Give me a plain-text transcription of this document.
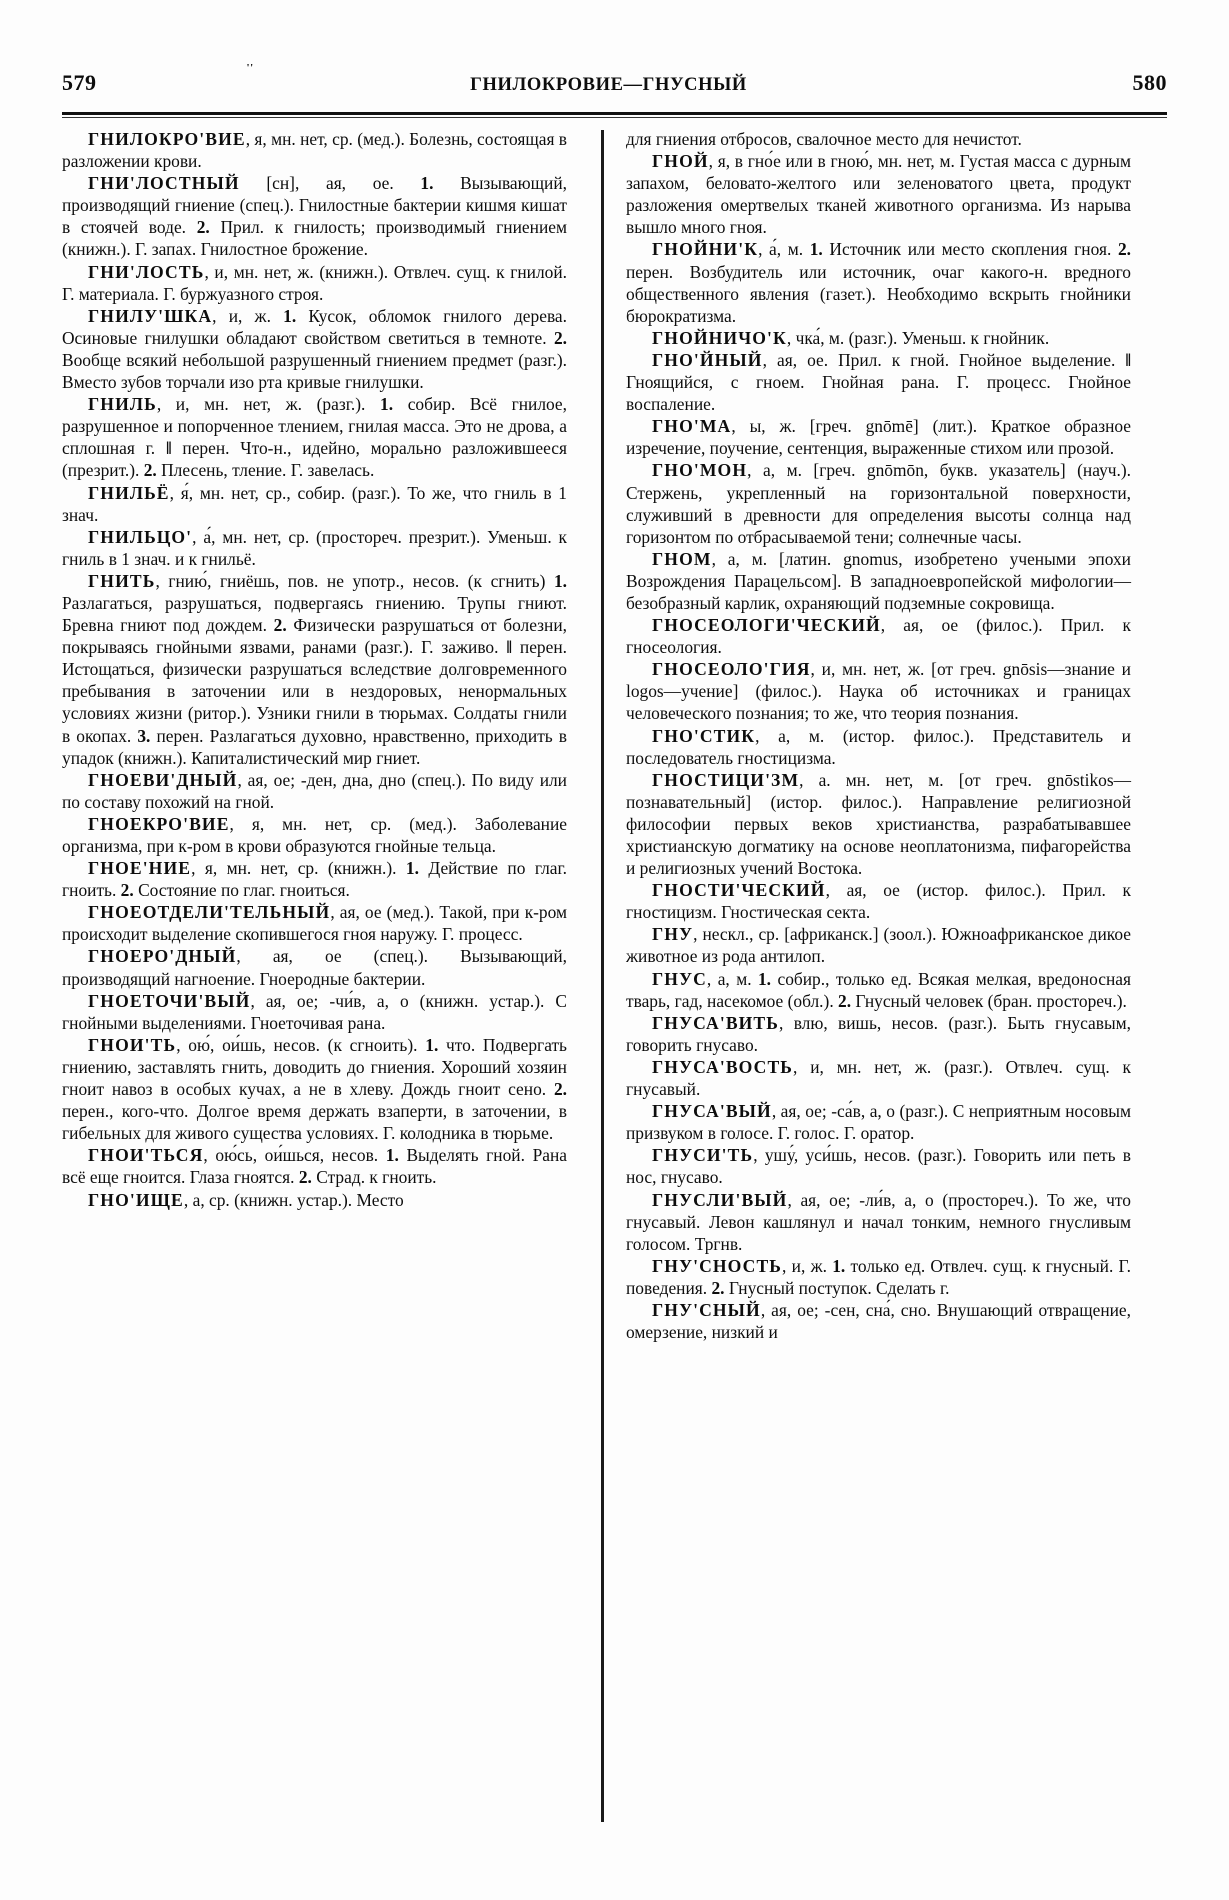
579
''
ГНИЛОКРОВИЕ—ГНУСНЫЙ	580

ГНИЛОКРО'ВИЕ, я, мн. нет, ср. (мед.). Болезнь, состоящая в разложении крови.

ГНИ'ЛОСТНЫЙ [сн], ая, ое. 1. Вызывающий, производящий гниение (спец.). Гнилостные бактерии кишмя кишат в стоячей воде. 2. Прил. к гнилость; производимый гниением (книжн.). Г. запах. Гнилостное брожение.

ГНИ'ЛОСТЬ, и, мн. нет, ж. (книжн.). Отвлеч. сущ. к гнилой. Г. материала. Г. буржуазного строя.

ГНИЛУ'ШКА, и, ж. 1. Кусок, обломок гнилого дерева. Осиновые гнилушки обладают свойством светиться в темноте. 2. Вообще всякий небольшой разрушенный гниением предмет (разг.). Вместо зубов торчали изо рта кривые гнилушки.

ГНИЛЬ, и, мн. нет, ж. (разг.). 1. собир. Всё гнилое, разрушенное и попорченное тлением, гнилая масса. Это не дрова, а сплошная г. ‖ перен. Что-н., идейно, морально разложившееся (презрит.). 2. Плесень, тление. Г. завелась.

ГНИЛЬЁ, я́, мн. нет, ср., собир. (разг.). То же, что гниль в 1 знач.

ГНИЛЬЦО', а́, мн. нет, ср. (простореч. презрит.). Уменьш. к гниль в 1 знач. и к гнильё.

ГНИТЬ, гнию́, гниёшь, пов. не употр., несов. (к сгнить) 1. Разлагаться, разрушаться, подвергаясь гниению. Трупы гниют. Бревна гниют под дождем. 2. Физически разрушаться от болезни, покрываясь гнойными язвами, ранами (разг.). Г. заживо. ‖ перен. Истощаться, физически разрушаться вследствие долговременного пребывания в заточении или в нездоровых, ненормальных условиях жизни (ритор.). Узники гнили в тюрьмах. Солдаты гнили в окопах. 3. перен. Разлагаться духовно, нравственно, приходить в упадок (книжн.). Капиталистический мир гниет.

ГНОЕВИ'ДНЫЙ, ая, ое; -ден, дна, дно (спец.). По виду или по составу похожий на гной.

ГНОЕКРО'ВИЕ, я, мн. нет, ср. (мед.). Заболевание организма, при к-ром в крови образуются гнойные тельца.

ГНОЕ'НИЕ, я, мн. нет, ср. (книжн.). 1. Действие по глаг. гноить. 2. Состояние по глаг. гноиться.

ГНОЕОТДЕЛИ'ТЕЛЬНЫЙ, ая, ое (мед.). Такой, при к-ром происходит выделение скопившегося гноя наружу. Г. процесс.

ГНОЕРО'ДНЫЙ, ая, ое (спец.). Вызывающий, производящий нагноение. Гноеродные бактерии.

ГНОЕТОЧИ'ВЫЙ, ая, ое; -чи́в, а, о (книжн. устар.). С гнойными выделениями. Гноеточивая рана.

ГНОИ'ТЬ, ою́, ои́шь, несов. (к сгноить). 1. что. Подвергать гниению, заставлять гнить, доводить до гниения. Хороший хозяин гноит навоз в особых кучах, а не в хлеву. Дождь гноит сено. 2. перен., кого-что. Долгое время держать взаперти, в заточении, в гибельных для живого существа условиях. Г. колодника в тюрьме.

ГНОИ'ТЬСЯ, ою́сь, ои́шься, несов. 1. Выделять гной. Рана всё еще гноится. Глаза гноятся. 2. Страд. к гноить.

ГНО'ИЩЕ, а, ср. (книжн. устар.). Место

для гниения отбросов, свалочное место для нечистот.

ГНОЙ, я, в гно́е или в гною́, мн. нет, м. Густая масса с дурным запахом, беловато-желтого или зеленоватого цвета, продукт разложения омертвелых тканей животного организма. Из нарыва вышло много гноя.

ГНОЙНИ'К, а́, м. 1. Источник или место скопления гноя. 2. перен. Возбудитель или источник, очаг какого-н. вредного общественного явления (газет.). Необходимо вскрыть гнойники бюрократизма.

ГНОЙНИЧО'К, чка́, м. (разг.). Уменьш. к гнойник.

ГНО'ЙНЫЙ, ая, ое. Прил. к гной. Гнойное выделение. ‖ Гноящийся, с гноем. Гнойная рана. Г. процесс. Гнойное воспаление.

ГНО'МА, ы, ж. [греч. gnōmē] (лит.). Краткое образное изречение, поучение, сентенция, выраженные стихом или прозой.

ГНО'МОН, а, м. [греч. gnōmōn, букв. указатель] (науч.). Стержень, укрепленный на горизонтальной поверхности, служивший в древности для определения высоты солнца над горизонтом по отбрасываемой тени; солнечные часы.

ГНОМ, а, м. [латин. gnomus, изобретено учеными эпохи Возрождения Парацельсом]. В западноевропейской мифологии—безобразный карлик, охраняющий подземные сокровища.

ГНОСЕОЛОГИ'ЧЕСКИЙ, ая, ое (филос.). Прил. к гносеология.

ГНОСЕОЛО'ГИЯ, и, мн. нет, ж. [от греч. gnōsis—знание и logos—учение] (филос.). Наука об источниках и границах человеческого познания; то же, что теория познания.

ГНО'СТИК, а, м. (истор. филос.). Представитель и последователь гностицизма.

ГНОСТИЦИ'ЗМ, а. мн. нет, м. [от греч. gnōstikos—познавательный] (истор. филос.). Направление религиозной философии первых веков христианства, разрабатывавшее христианскую догматику на основе неоплатонизма, пифагорейства и религиозных учений Востока.

ГНОСТИ'ЧЕСКИЙ, ая, ое (истор. филос.). Прил. к гностицизм. Гностическая секта.

ГНУ, нескл., ср. [африканск.] (зоол.). Южноафриканское дикое животное из рода антилоп.

ГНУС, а, м. 1. собир., только ед. Всякая мелкая, вредоносная тварь, гад, насекомое (обл.). 2. Гнусный человек (бран. простореч.).

ГНУСА'ВИТЬ, влю, вишь, несов. (разг.). Быть гнусавым, говорить гнусаво.

ГНУСА'ВОСТЬ, и, мн. нет, ж. (разг.). Отвлеч. сущ. к гнусавый.

ГНУСА'ВЫЙ, ая, ое; -са́в, а, о (разг.). С неприятным носовым призвуком в голосе. Г. голос. Г. оратор.

ГНУСИ'ТЬ, ушу́, уси́шь, несов. (разг.). Говорить или петь в нос, гнусаво.

ГНУСЛИ'ВЫЙ, ая, ое; -ли́в, а, о (простореч.). То же, что гнусавый. Левон кашлянул и начал тонким, немного гнусливым голосом. Тргнв.

ГНУ'СНОСТЬ, и, ж. 1. только ед. Отвлеч. сущ. к гнусный. Г. поведения. 2. Гнусный поступок. Сделать г.

ГНУ'СНЫЙ, ая, ое; -сен, сна́, сно. Внушающий отвращение, омерзение, низкий и
